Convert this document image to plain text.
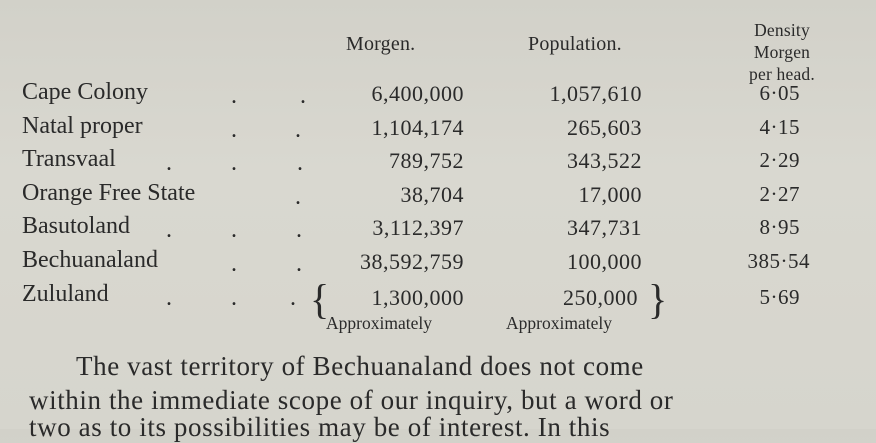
Morgen.	Population.
Density
Morgen
per head.
Cape Colony	.	.	6,400,000	1,057,610	6·05
Natal proper	. .	1,104,174	265,603	4·15
Transvaal . .	.	789,752	343,522	2·29
Orange Free State	.	38,704	17,000	2·27
Basutoland . . .	3,112,397	347,731	8·95
Bechuanaland	. .	38,592,759	100,000	385·54
Zululand . . . { 1,300,000	250,000 }	5·69
Approximately	Approximately
The vast territory of Bechuanaland does not come
within the immediate scope of our inquiry, but a word or
two as to its possibilities may be of interest. In this
